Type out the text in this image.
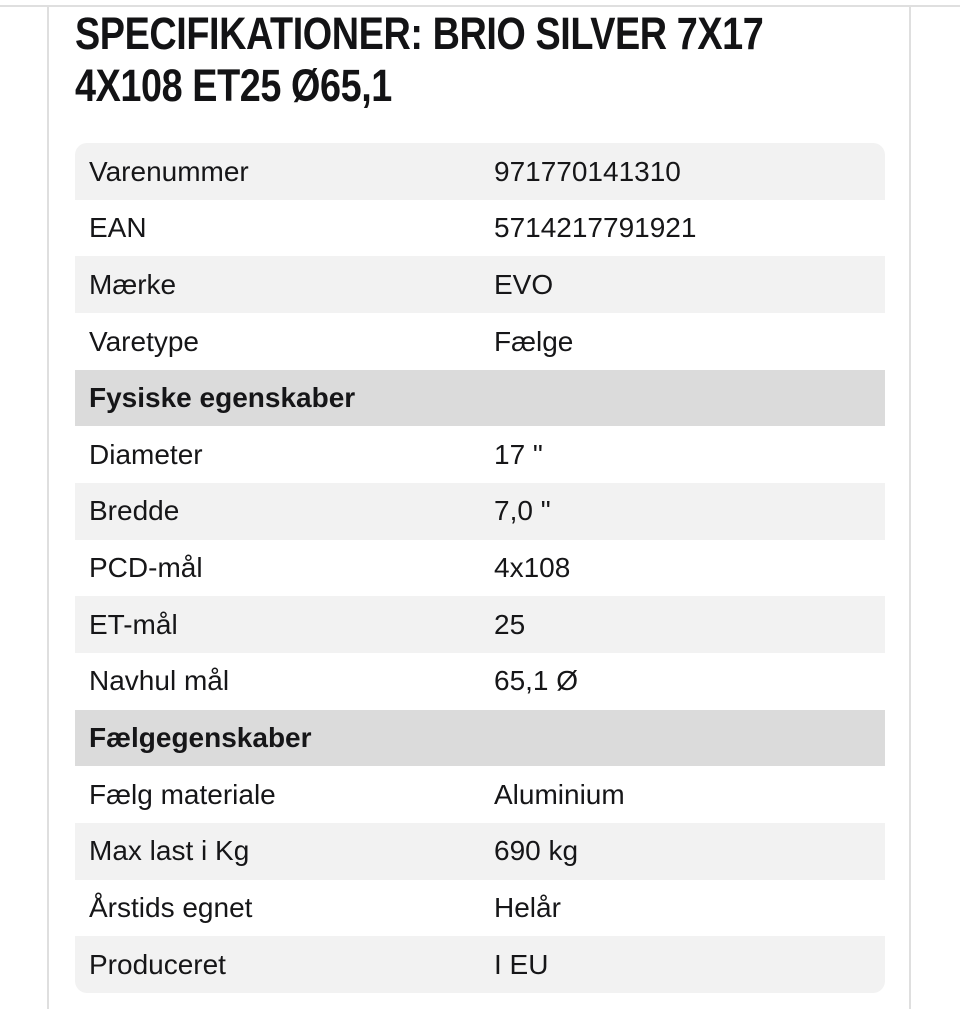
SPECIFIKATIONER: BRIO SILVER 7X17
4X108 ET25 Ø65,1
Varenummer	971770141310
EAN	5714217791921
Mærke	EVO
Varetype	Fælge
Fysiske egenskaber
Diameter	17 "
Bredde	7,0 "
PCD-mål	4x108
ET-mål	25
Navhul mål	65,1 Ø
Fælgegenskaber
Fælg materiale	Aluminium
Max last i Kg	690 kg
Årstids egnet	Helår
Produceret	I EU
